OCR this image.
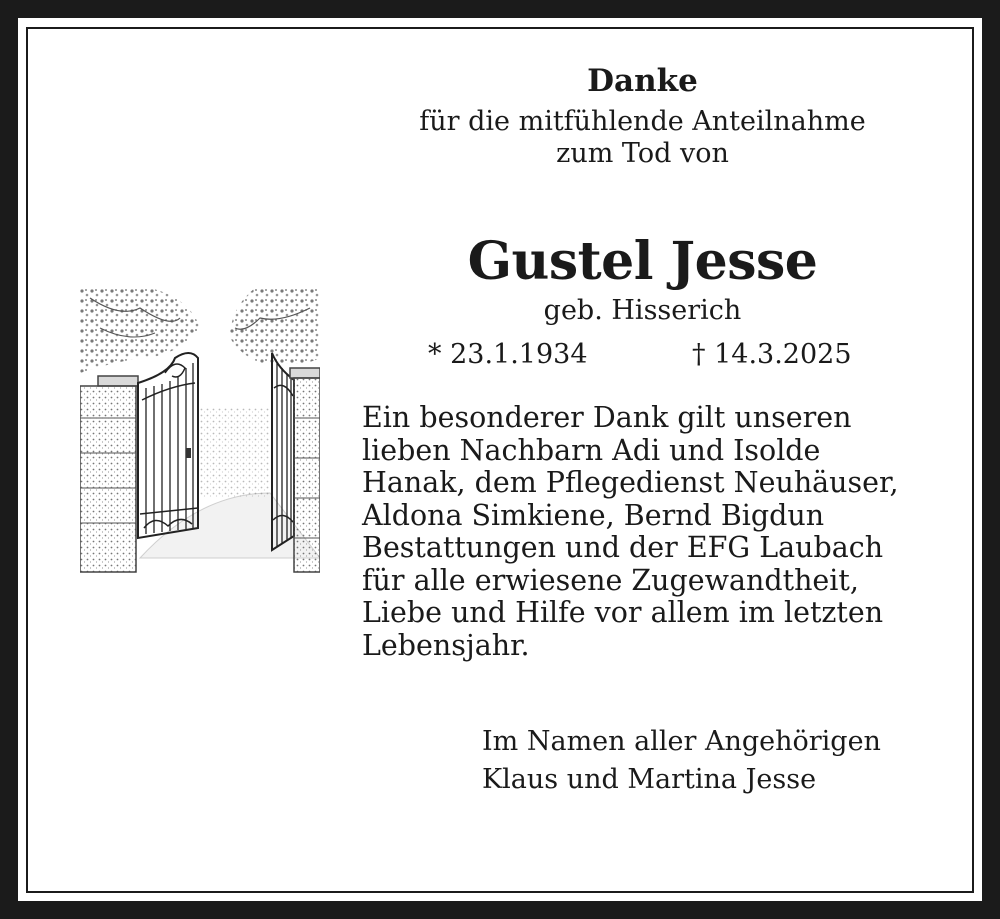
Danke
für die mitfühlende Anteilnahme
zum Tod von
Gustel Jesse
geb. Hisserich
* 23.1.1934	† 14.3.2025
Ein besonderer Dank gilt unseren
lieben Nachbarn Adi und Isolde
Hanak, dem Pflegedienst Neuhäuser,
Aldona Simkiene, Bernd Bigdun
Bestattungen und der EFG Laubach
für alle erwiesene Zugewandtheit,
Liebe und Hilfe vor allem im letzten
Lebensjahr.
Im Namen aller Angehörigen
Klaus und Martina Jesse
